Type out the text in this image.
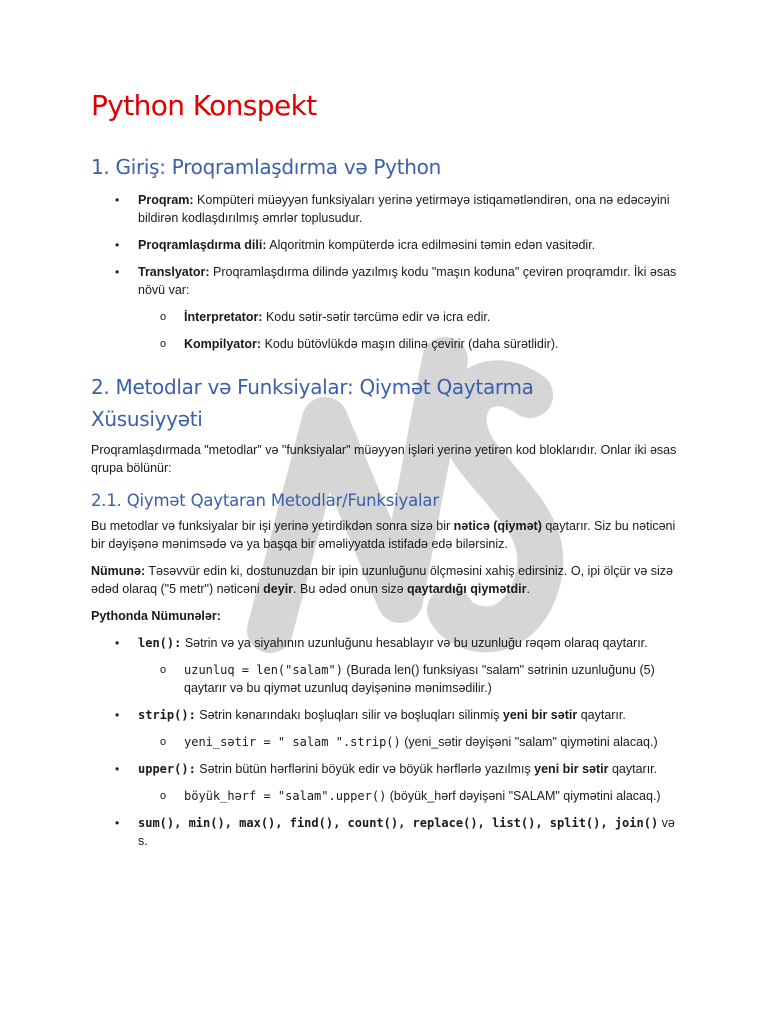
Python Konspekt
1. Giriş: Proqramlaşdırma və Python
• Proqram: Kompüteri müəyyən funksiyaları yerinə yetirməyə istiqamətləndirən, ona nə edəcəyini bildirən kodlaşdırılmış əmrlər toplusudur.
• Proqramlaşdırma dili: Alqoritmin kompüterdə icra edilməsini təmin edən vasitədir.
• Translyator: Proqramlaşdırma dilində yazılmış kodu "maşın koduna" çevirən proqramdır. İki əsas növü var:
o İnterpretator: Kodu sətir-sətir tərcümə edir və icra edir.
o Kompilyator: Kodu bütövlükdə maşın dilinə çevirir (daha sürətlidir).
2. Metodlar və Funksiyalar: Qiymət Qaytarma Xüsusiyyəti

Proqramlaşdırmada "metodlar" və "funksiyalar" müəyyən işləri yerinə yetirən kod bloklarıdır. Onlar iki əsas qrupa bölünür:

2.1. Qiymət Qaytaran Metodlar/Funksiyalar

Bu metodlar və funksiyalar bir işi yerinə yetirdikdən sonra sizə bir nəticə (qiymət) qaytarır. Siz bu nəticəni bir dəyişənə mənimsədə və ya başqa bir əməliyyatda istifadə edə bilərsiniz.

Nümunə: Təsəvvür edin ki, dostunuzdan bir ipin uzunluğunu ölçməsini xahiş edirsiniz. O, ipi ölçür və sizə ədəd olaraq ("5 metr") nəticəni deyir. Bu ədəd onun sizə qaytardığı qiymətdir.

Pythonda Nümunələr:

• len(): Sətrin və ya siyahının uzunluğunu hesablayır və bu uzunluğu rəqəm olaraq qaytarır.
o uzunluq = len("salam") (Burada len() funksiyası "salam" sətrinin uzunluğunu (5) qaytarır və bu qiymət uzunluq dəyişəninə mənimsədilir.)
• strip(): Sətrin kənarındakı boşluqları silir və boşluqları silinmiş yeni bir sətir qaytarır.
o yeni_sətir = " salam ".strip() (yeni_sətir dəyişəni "salam" qiymətini alacaq.)
• upper(): Sətrin bütün hərflərini böyük edir və böyük hərflərlə yazılmış yeni bir sətir qaytarır.
o böyük_hərf = "salam".upper() (böyük_hərf dəyişəni "SALAM" qiymətini alacaq.)
• sum(), min(), max(), find(), count(), replace(), list(), split(), join() və s.
